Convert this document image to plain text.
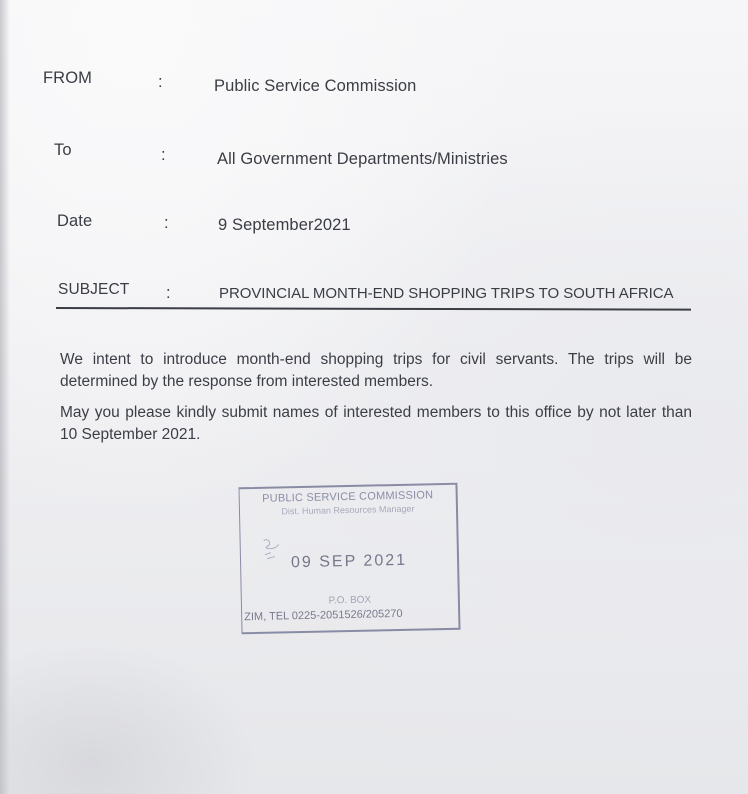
FROM	:	Public Service Commission
To	:	All Government Departments/Ministries
Date	:	9 September2021
SUBJECT :	PROVINCIAL MONTH-END SHOPPING TRIPS TO SOUTH AFRICA

We intent to introduce month-end shopping trips for civil servants. The trips will be determined by the response from interested members.

May you please kindly submit names of interested members to this office by not later than 10 September 2021.

PUBLIC SERVICE COMMISSION
Dist. Human Resources Manager
09 SEP 2021
P.O. BOX
ZIM, TEL 0225-2051526/205270
